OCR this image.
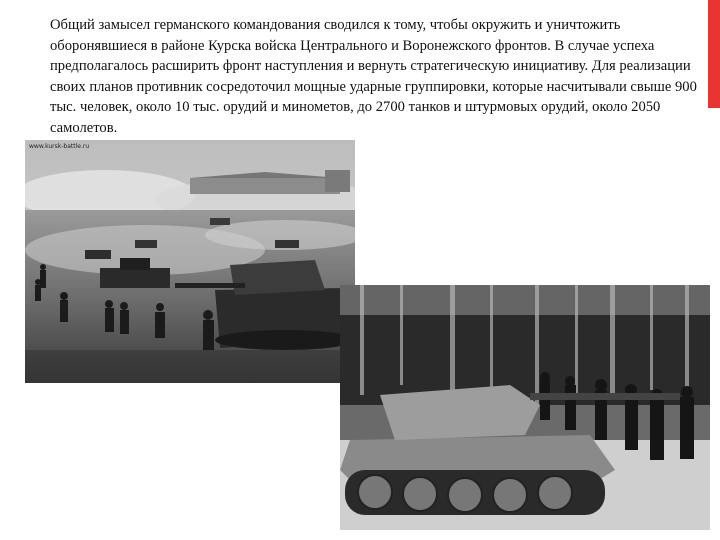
Общий замысел германского командования сводился к тому, чтобы окружить и уничтожить оборонявшиеся в районе Курска войска Центрального и Воронежского фронтов. В случае успеха предполагалось расширить фронт наступления и вернуть стратегическую инициативу. Для реализации своих планов противник сосредоточил мощные ударные группировки, которые насчитывали свыше 900 тыс. человек, около 10 тыс. орудий и минометов, до 2700 танков и штурмовых орудий, около 2050 самолетов.

www.kursk-battle.ru
